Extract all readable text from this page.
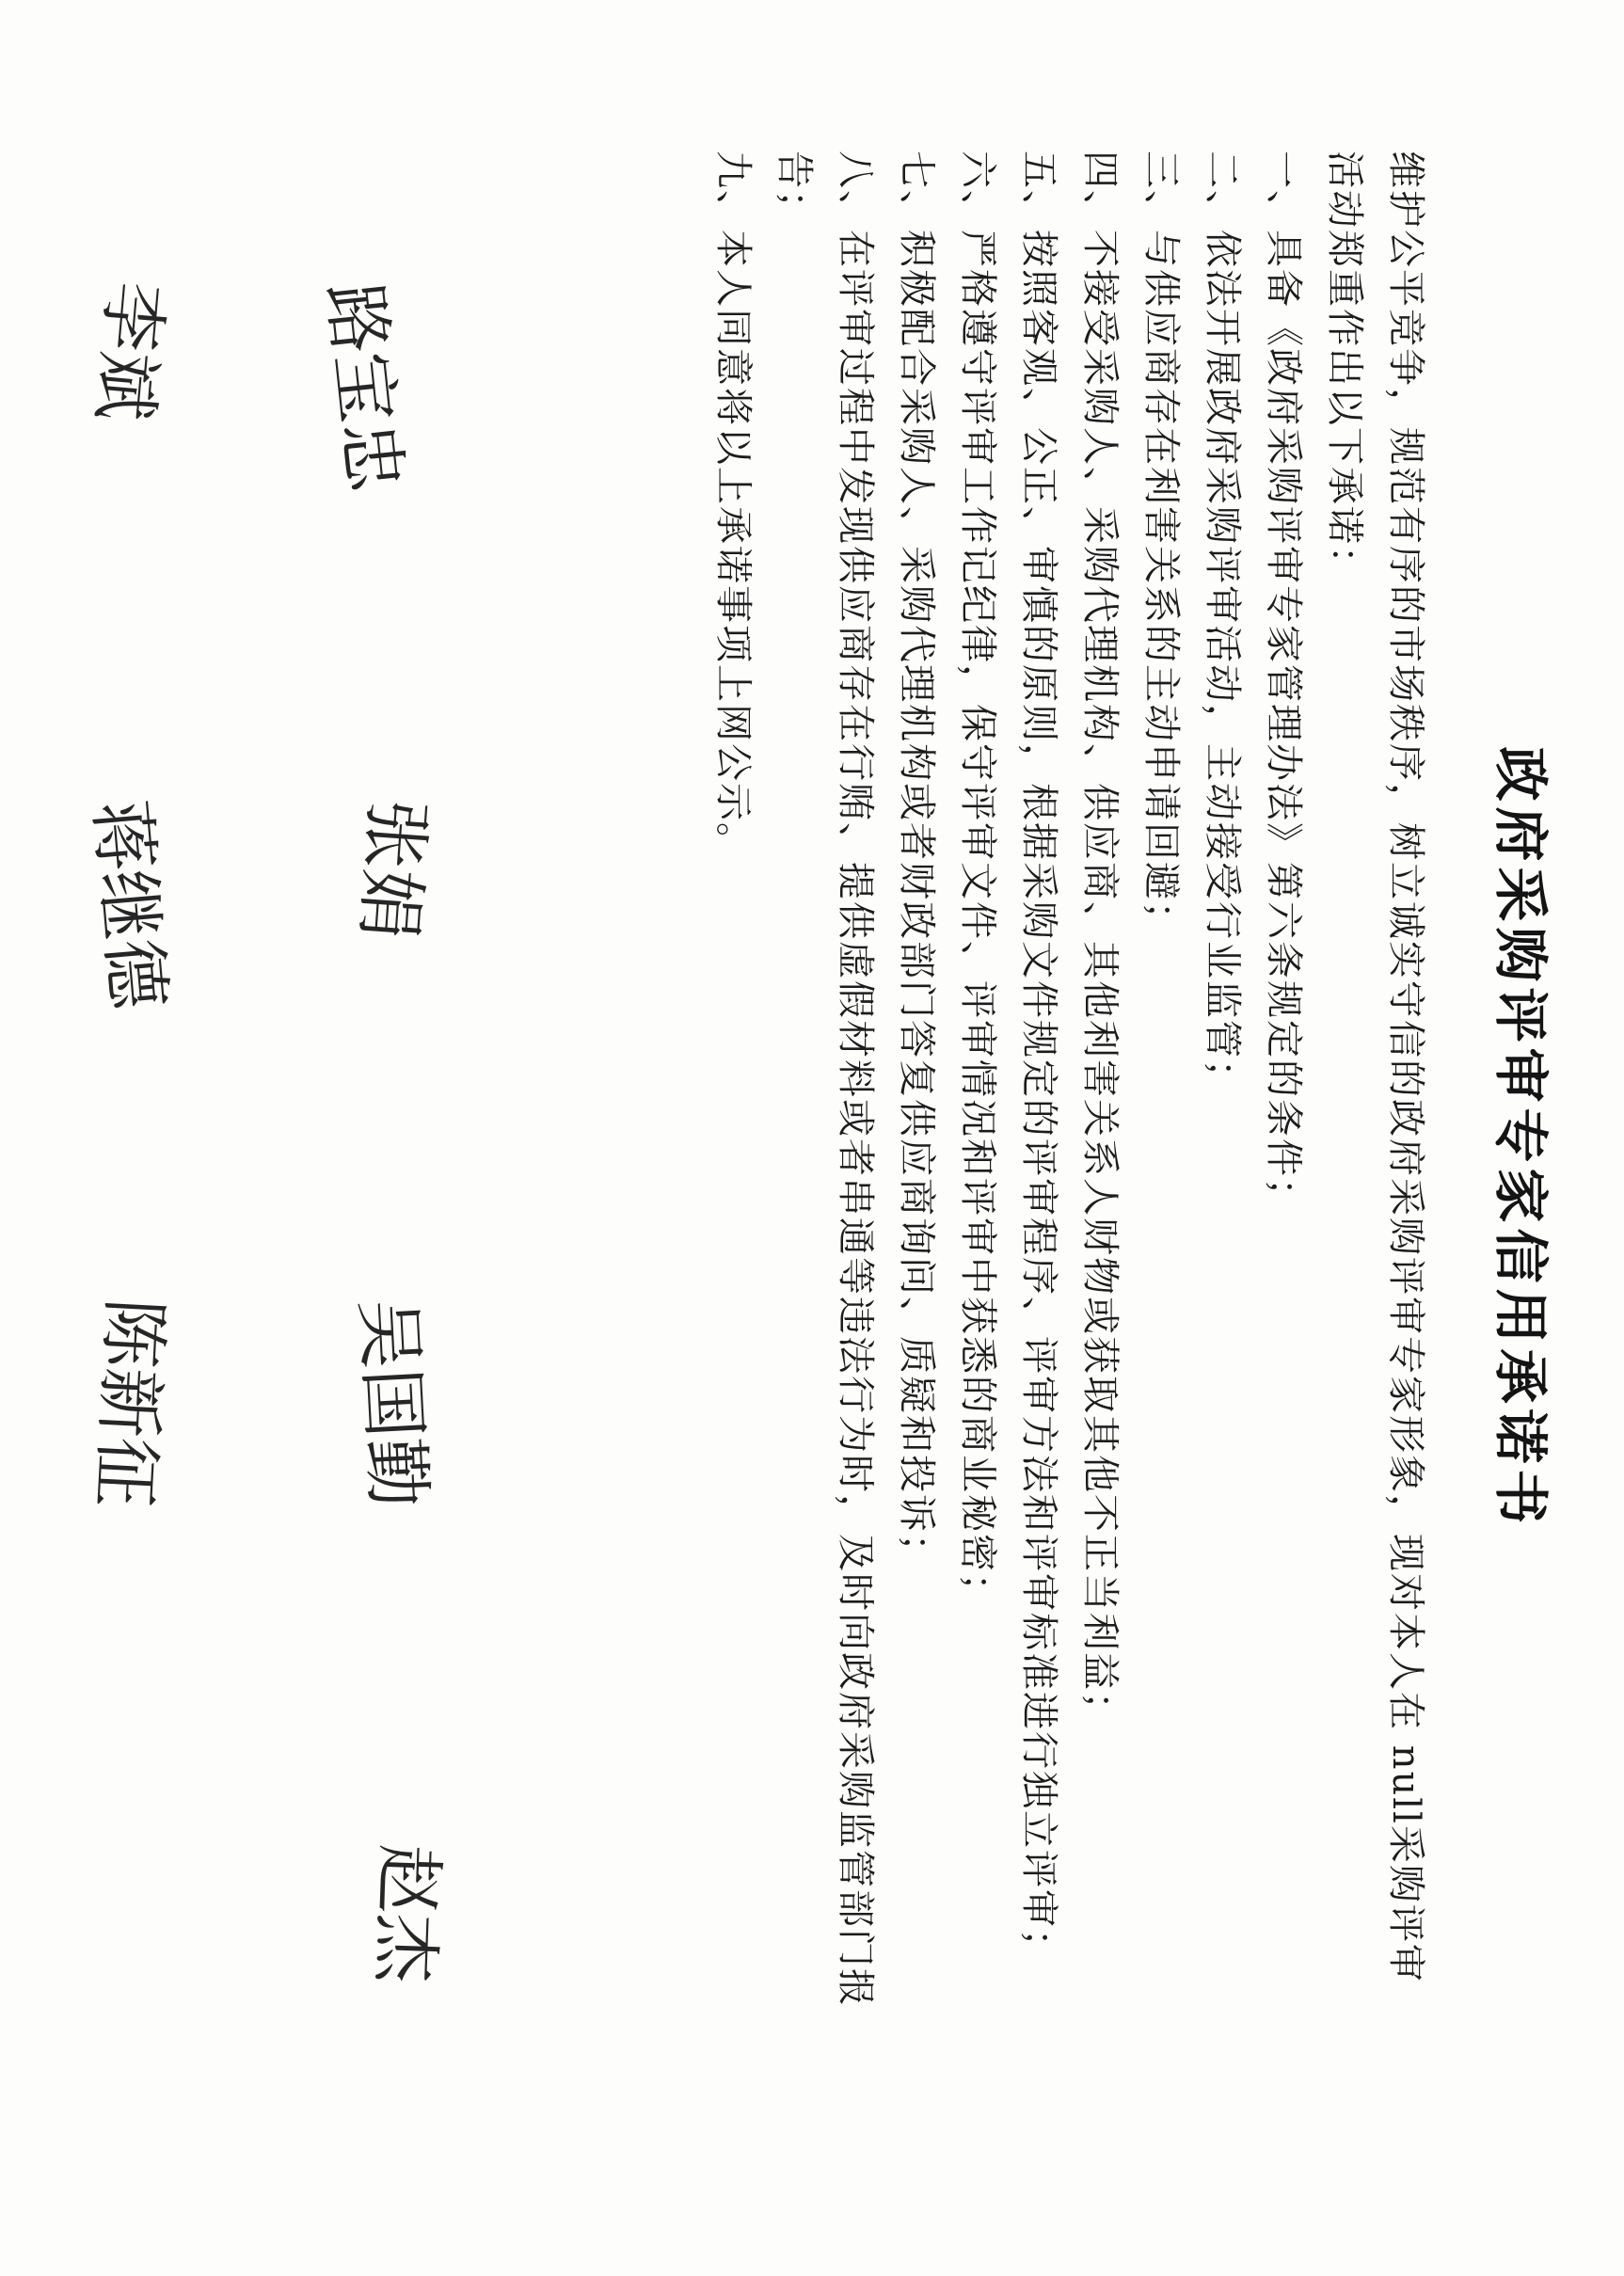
政府采购评审专家信用承诺书

维护公平竞争，规范有序的市场秩序，树立诚实守信的政府采购评审专家形象，现对本人在 null采购评审

活动郑重作出以下承诺：

一、具备《政府采购评审专家管理办法》第六条规定的条件；

二、依法开展政府采购评审活动，主动接受行业监管；

三、与供应商存在利害关系的主动申请回避；

四、不接受采购人、采购代理机构、供应商、其他利害关系人财物或获取其他不正当利益；

五、按照客观、公正、审慎的原则，根据采购文件规定的评审程序、评审方法和评审标准进行独立评审；

六、严格遵守评审工作记纪律，保守评审文件、评审情况和评审中获悉的商业秘密；

七、积极配合采购人、采购代理机构或者财政部门答复供应商询问、质疑和投诉；

八、在评审过程中发现供应商存在行贿、提供虚假材料或者串通等违法行为时，及时向政府采购监管部门报

告；

九、本人同意将以上承诺事项上网公示。

路宝忠
张娟
吴国勤
赵杰
李斌
蒋继德
陈新征
